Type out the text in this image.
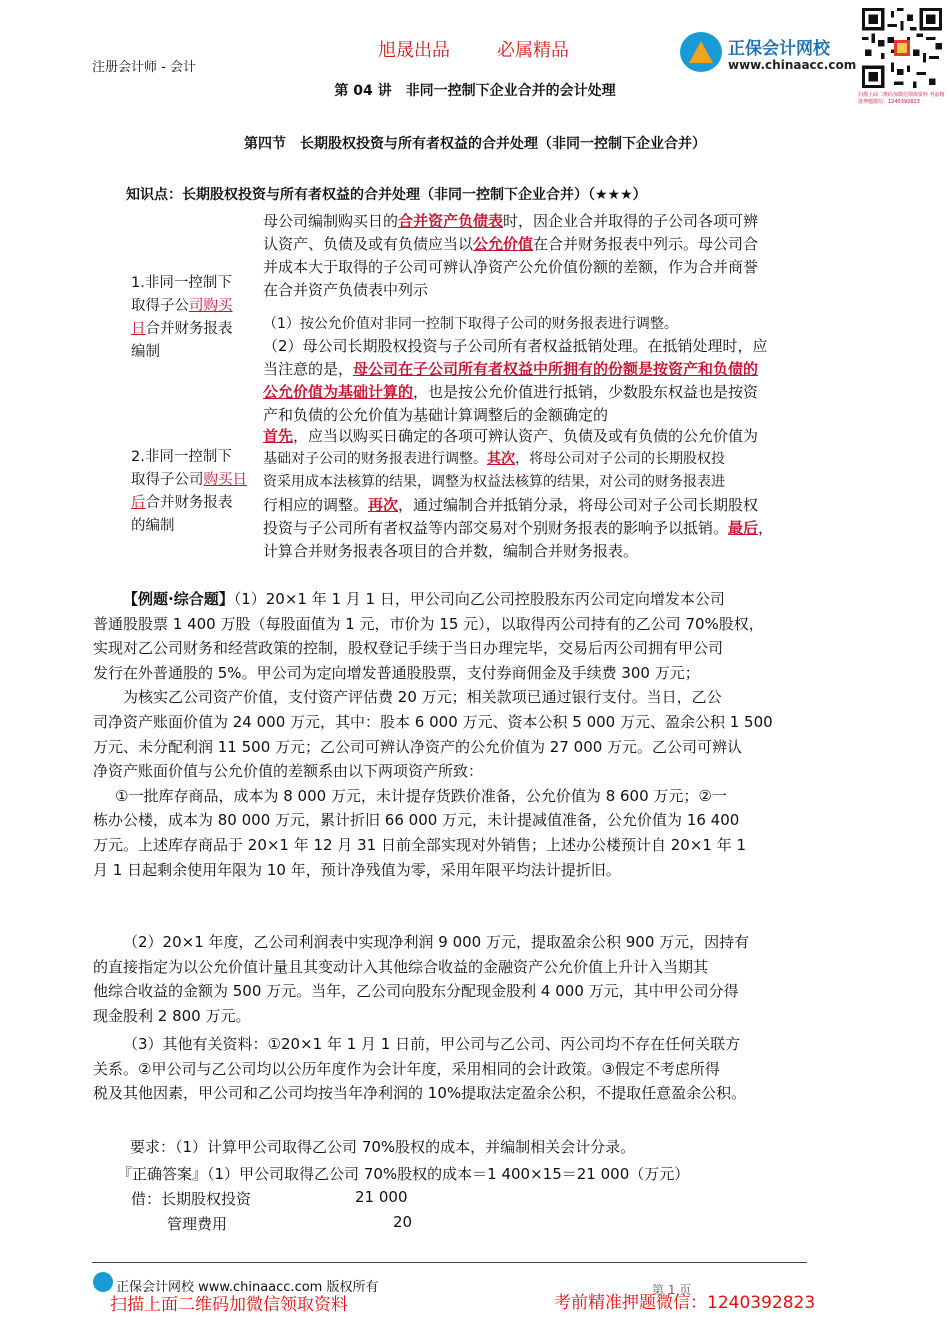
注册会计师 - 会计
旭晟出品	必属精品	正保会计网校
www.chinaacc.com
扫描上面二维码加微信领取资料 考前精准押题微信：1240392823
第 04 讲　非同一控制下企业合并的会计处理
第四节　长期股权投资与所有者权益的合并处理（非同一控制下企业合并）
知识点：长期股权投资与所有者权益的合并处理（非同一控制下企业合并）（★★★）
1.非同一控制下
取得子公司购买
日合并财务报表
编制
母公司编制购买日的合并资产负债表时，因企业合并取得的子公司各项可辨
认资产、负债及或有负债应当以公允价值在合并财务报表中列示。母公司合
并成本大于取得的子公司可辨认净资产公允价值份额的差额，作为合并商誉
在合并资产负债表中列示
（1）按公允价值对非同一控制下取得子公司的财务报表进行调整。
（2）母公司长期股权投资与子公司所有者权益抵销处理。在抵销处理时，应
当注意的是，母公司在子公司所有者权益中所拥有的份额是按资产和负债的
公允价值为基础计算的，也是按公允价值进行抵销，少数股东权益也是按资
产和负债的公允价值为基础计算调整后的金额确定的
2.非同一控制下
取得子公司购买日
后合并财务报表
的编制
首先，应当以购买日确定的各项可辨认资产、负债及或有负债的公允价值为
基础对子公司的财务报表进行调整。其次，将母公司对子公司的长期股权投
资采用成本法核算的结果，调整为权益法核算的结果，对公司的财务报表进
行相应的调整。再次，通过编制合并抵销分录，将母公司对子公司长期股权
投资与子公司所有者权益等内部交易对个别财务报表的影响予以抵销。最后，
计算合并财务报表各项目的合并数，编制合并财务报表。
【例题·综合题】（1）20×1 年 1 月 1 日，甲公司向乙公司控股股东丙公司定向增发本公司
普通股股票 1 400 万股（每股面值为 1 元，市价为 15 元），以取得丙公司持有的乙公司 70%股权，
实现对乙公司财务和经营政策的控制，股权登记手续于当日办理完毕，交易后丙公司拥有甲公司
发行在外普通股的 5%。甲公司为定向增发普通股股票，支付券商佣金及手续费 300 万元；
为核实乙公司资产价值，支付资产评估费 20 万元；相关款项已通过银行支付。当日，乙公
司净资产账面价值为 24 000 万元，其中：股本 6 000 万元、资本公积 5 000 万元、盈余公积 1 500
万元、未分配利润 11 500 万元；乙公司可辨认净资产的公允价值为 27 000 万元。乙公司可辨认
净资产账面价值与公允价值的差额系由以下两项资产所致：
①一批库存商品，成本为 8 000 万元，未计提存货跌价准备，公允价值为 8 600 万元；②一
栋办公楼，成本为 80 000 万元，累计折旧 66 000 万元，未计提减值准备，公允价值为 16 400
万元。上述库存商品于 20×1 年 12 月 31 日前全部实现对外销售；上述办公楼预计自 20×1 年 1
月 1 日起剩余使用年限为 10 年，预计净残值为零，采用年限平均法计提折旧。
（2）20×1 年度，乙公司利润表中实现净利润 9 000 万元，提取盈余公积 900 万元，因持有
的直接指定为以公允价值计量且其变动计入其他综合收益的金融资产公允价值上升计入当期其
他综合收益的金额为 500 万元。当年，乙公司向股东分配现金股利 4 000 万元，其中甲公司分得
现金股利 2 800 万元。
（3）其他有关资料：①20×1 年 1 月 1 日前，甲公司与乙公司、丙公司均不存在任何关联方
关系。②甲公司与乙公司均以公历年度作为会计年度，采用相同的会计政策。③假定不考虑所得
税及其他因素，甲公司和乙公司均按当年净利润的 10%提取法定盈余公积，不提取任意盈余公积。
要求：（1）计算甲公司取得乙公司 70%股权的成本，并编制相关会计分录。
『正确答案』（1）甲公司取得乙公司 70%股权的成本＝1 400×15＝21 000（万元）
借：长期股权投资	21 000
管理费用	20
正保会计网校 www.chinaacc.com 版权所有	第 1 页
扫描上面二维码加微信领取资料	考前精准押题微信：1240392823
